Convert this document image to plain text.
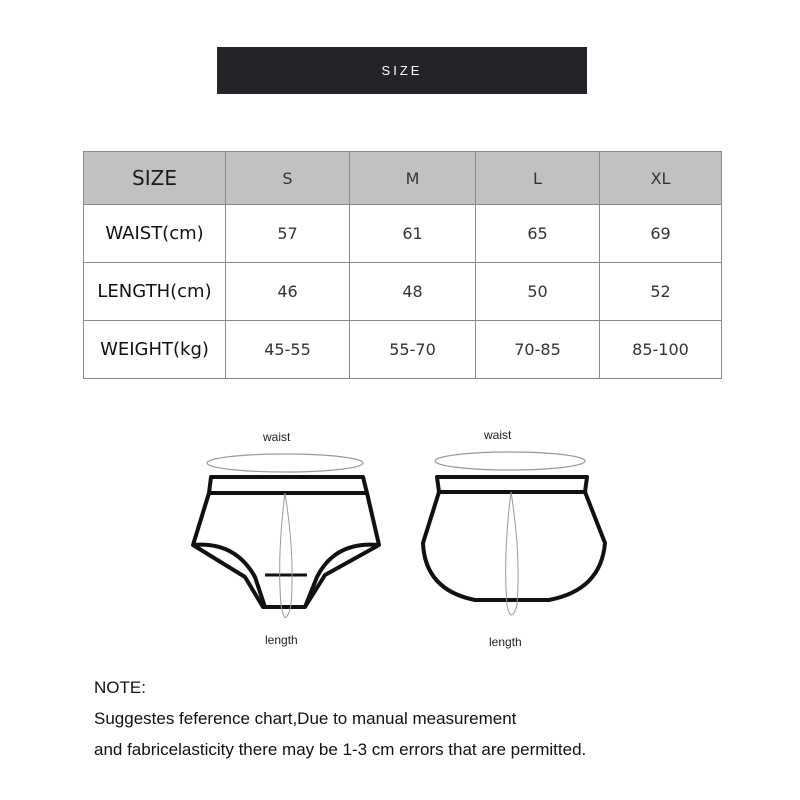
SIZE
SIZE	S	M	L	XL
WAIST(cm)	57	61	65	69
LENGTH(cm)	46	48	50	52
WEIGHT(kg)	45-55	55-70	70-85	85-100
waist
length
waist
length
NOTE:
Suggestes feference chart,Due to manual measurement
and fabricelasticity there may be 1-3 cm errors that are permitted.
